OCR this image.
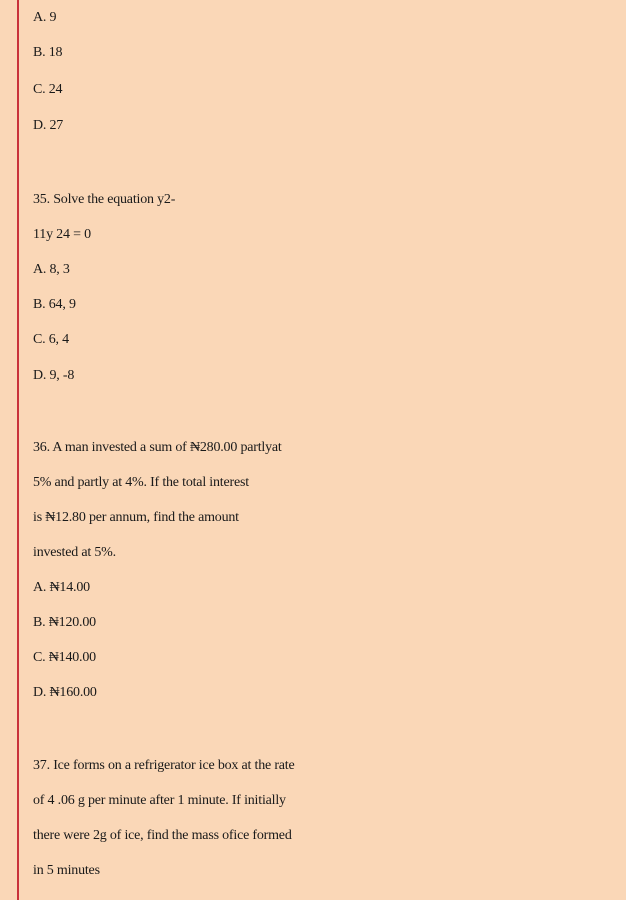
A. 9
B. 18
C. 24
D. 27
35. Solve the equation y2-
11y 24 = 0
A. 8, 3
B. 64, 9
C. 6, 4
D. 9, -8
36. A man invested a sum of ₦280.00 partlyat
5% and partly at 4%. If the total interest
is ₦12.80 per annum, find the amount
invested at 5%.
A. ₦14.00
B. ₦120.00
C. ₦140.00
D. ₦160.00
37. Ice forms on a refrigerator ice box at the rate
of 4 .06 g per minute after 1 minute. If initially
there were 2g of ice, find the mass ofice formed
in 5 minutes
